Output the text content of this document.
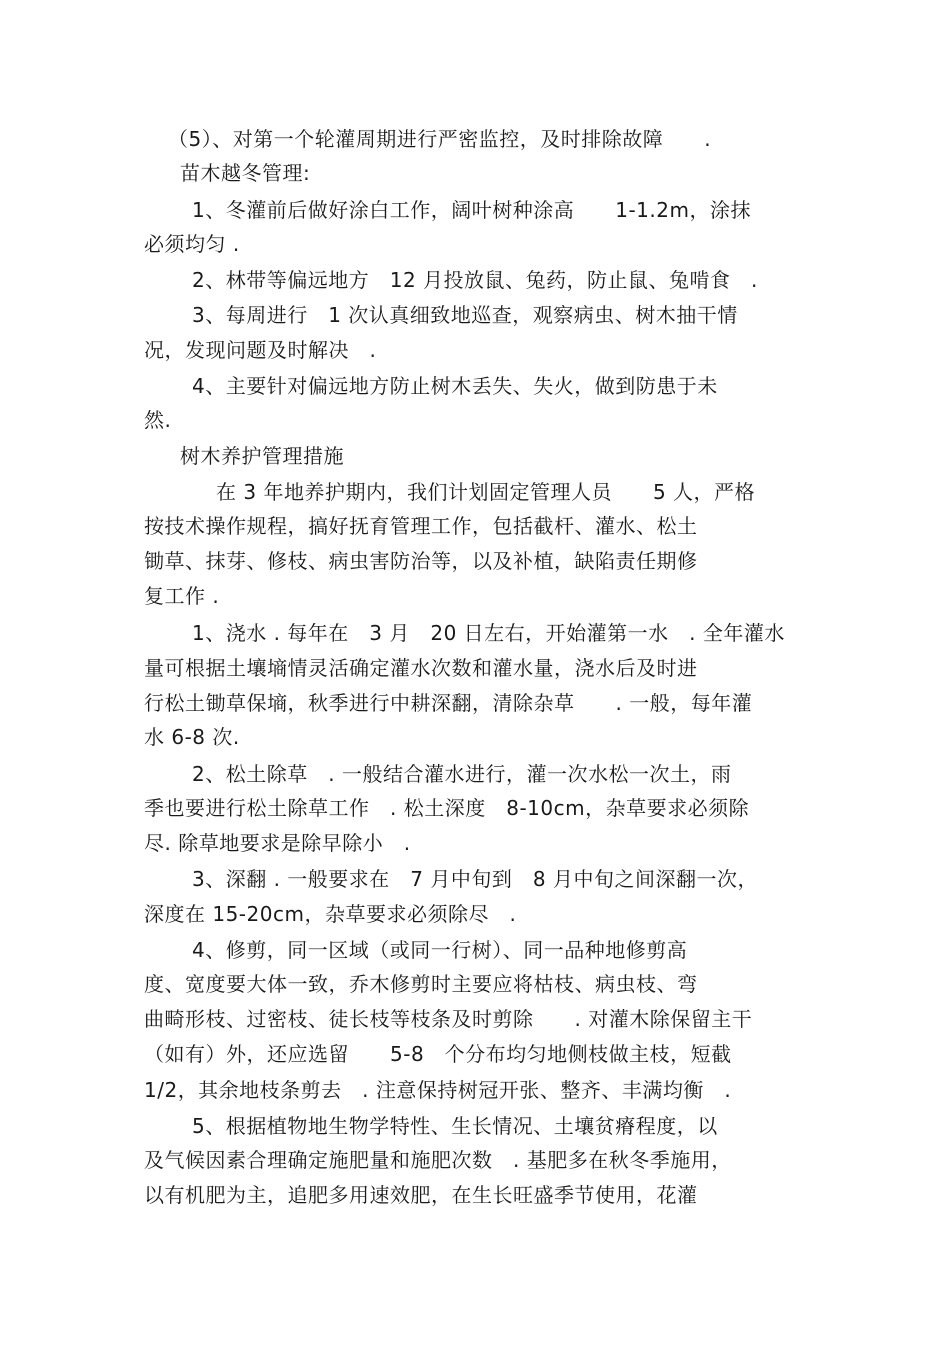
（5）、对第一个轮灌周期进行严密监控，及时排除故障　　.
苗木越冬管理:
1、冬灌前后做好涂白工作，阔叶树种涂高　　1-1.2m，涂抹
必须均匀 .
2、林带等偏远地方　12 月投放鼠、兔药，防止鼠、兔啃食　.
3、每周进行　1 次认真细致地巡查，观察病虫、树木抽干情
况，发现问题及时解决　.
4、主要针对偏远地方防止树木丢失、失火，做到防患于未
然.
树木养护管理措施
在 3 年地养护期内，我们计划固定管理人员　　5 人，严格
按技术操作规程，搞好抚育管理工作，包括截杆、灌水、松土
锄草、抹芽、修枝、病虫害防治等，以及补植，缺陷责任期修
复工作 .
1、浇水 . 每年在　3 月　20 日左右，开始灌第一水　. 全年灌水
量可根据土壤墒情灵活确定灌水次数和灌水量，浇水后及时进
行松土锄草保墒，秋季进行中耕深翻，清除杂草　　. 一般，每年灌
水 6-8 次.
2、松土除草　. 一般结合灌水进行，灌一次水松一次土，雨
季也要进行松土除草工作　. 松土深度　8-10cm，杂草要求必须除
尽. 除草地要求是除早除小　.
3、深翻 . 一般要求在　7 月中旬到　8 月中旬之间深翻一次，
深度在 15-20cm，杂草要求必须除尽　.
4、修剪，同一区域（或同一行树）、同一品种地修剪高
度、宽度要大体一致，乔木修剪时主要应将枯枝、病虫枝、弯
曲畸形枝、过密枝、徒长枝等枝条及时剪除　　. 对灌木除保留主干
（如有）外，还应选留　　5-8　个分布均匀地侧枝做主枝，短截
1/2，其余地枝条剪去　. 注意保持树冠开张、整齐、丰满均衡　.
5、根据植物地生物学特性、生长情况、土壤贫瘠程度，以
及气候因素合理确定施肥量和施肥次数　. 基肥多在秋冬季施用，
以有机肥为主，追肥多用速效肥，在生长旺盛季节使用，花灌
